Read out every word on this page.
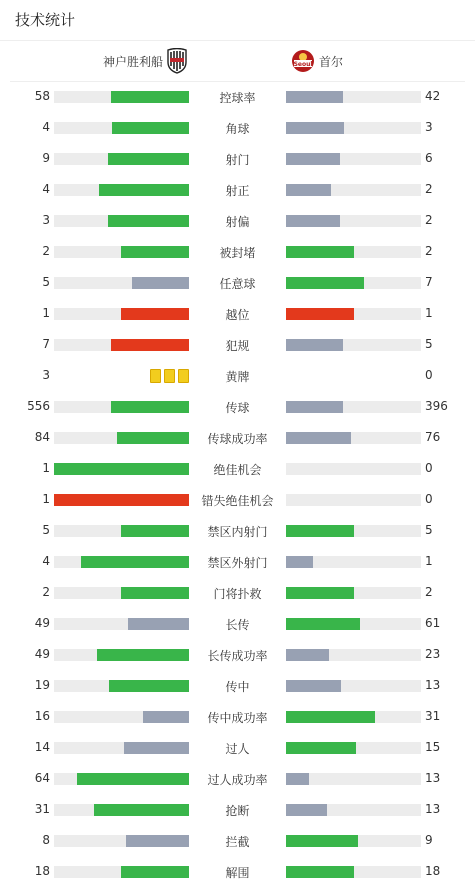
技术统计
神户胜利船	Seoul 首尔
58	控球率	42
4	角球	3
9	射门	6
4	射正	2
3	射偏	2
2	被封堵	2
5	任意球	7
1	越位	1
7	犯规	5
3	黄牌	0
556	传球	396
84	传球成功率	76
1	绝佳机会	0
1	错失绝佳机会	0
5	禁区内射门	5
4	禁区外射门	1
2	门将扑救	2
49	长传	61
49	长传成功率	23
19	传中	13
16	传中成功率	31
14	过人	15
64	过人成功率	13
31	抢断	13
8	拦截	9
18	解围	18
